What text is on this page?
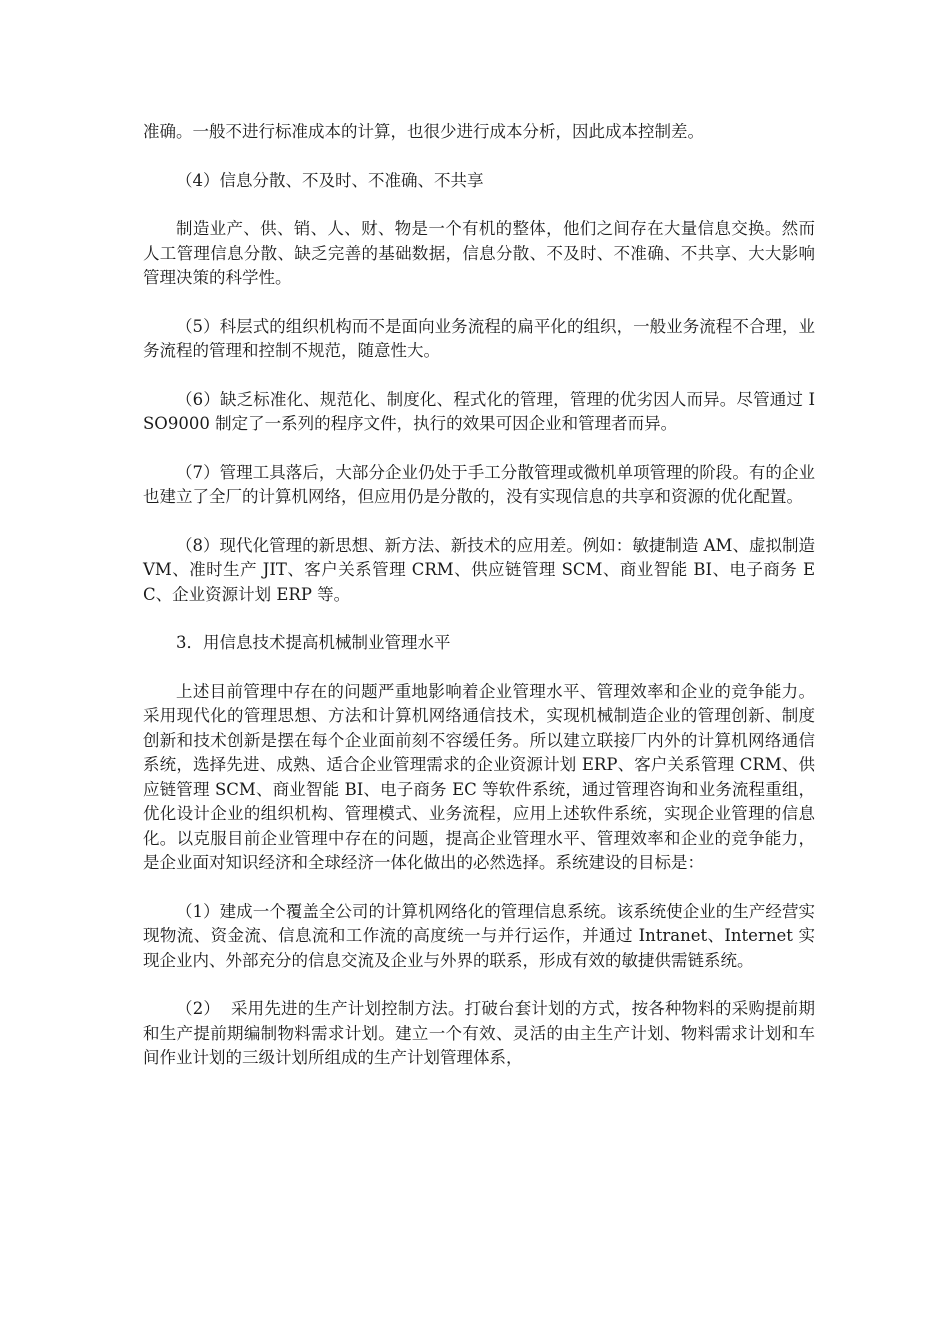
准确。一般不进行标准成本的计算，也很少进行成本分析，因此成本控制差。

（4）信息分散、不及时、不准确、不共享

制造业产、供、销、人、财、物是一个有机的整体，他们之间存在大量信息交换。然而人工管理信息分散、缺乏完善的基础数据，信息分散、不及时、不准确、不共享、大大影响管理决策的科学性。

（5）科层式的组织机构而不是面向业务流程的扁平化的组织，一般业务流程不合理，业务流程的管理和控制不规范，随意性大。

（6）缺乏标准化、规范化、制度化、程式化的管理，管理的优劣因人而异。尽管通过 ISO9000 制定了一系列的程序文件，执行的效果可因企业和管理者而异。

（7）管理工具落后，大部分企业仍处于手工分散管理或微机单项管理的阶段。有的企业也建立了全厂的计算机网络，但应用仍是分散的，没有实现信息的共享和资源的优化配置。

（8）现代化管理的新思想、新方法、新技术的应用差。例如：敏捷制造 AM、虚拟制造 VM、准时生产 JIT、客户关系管理 CRM、供应链管理 SCM、商业智能 BI、电子商务 EC、企业资源计划 ERP 等。

3．用信息技术提高机械制业管理水平

上述目前管理中存在的问题严重地影响着企业管理水平、管理效率和企业的竞争能力。采用现代化的管理思想、方法和计算机网络通信技术，实现机械制造企业的管理创新、制度创新和技术创新是摆在每个企业面前刻不容缓任务。所以建立联接厂内外的计算机网络通信系统，选择先进、成熟、适合企业管理需求的企业资源计划 ERP、客户关系管理 CRM、供应链管理 SCM、商业智能 BI、电子商务 EC 等软件系统，通过管理咨询和业务流程重组，优化设计企业的组织机构、管理模式、业务流程，应用上述软件系统，实现企业管理的信息化。以克服目前企业管理中存在的问题，提高企业管理水平、管理效率和企业的竞争能力，是企业面对知识经济和全球经济一体化做出的必然选择。系统建设的目标是：

（1）建成一个覆盖全公司的计算机网络化的管理信息系统。该系统使企业的生产经营实现物流、资金流、信息流和工作流的高度统一与并行运作，并通过 Intranet、Internet 实现企业内、外部充分的信息交流及企业与外界的联系，形成有效的敏捷供需链系统。

（2）  采用先进的生产计划控制方法。打破台套计划的方式，按各种物料的采购提前期和生产提前期编制物料需求计划。建立一个有效、灵活的由主生产计划、物料需求计划和车间作业计划的三级计划所组成的生产计划管理体系，
